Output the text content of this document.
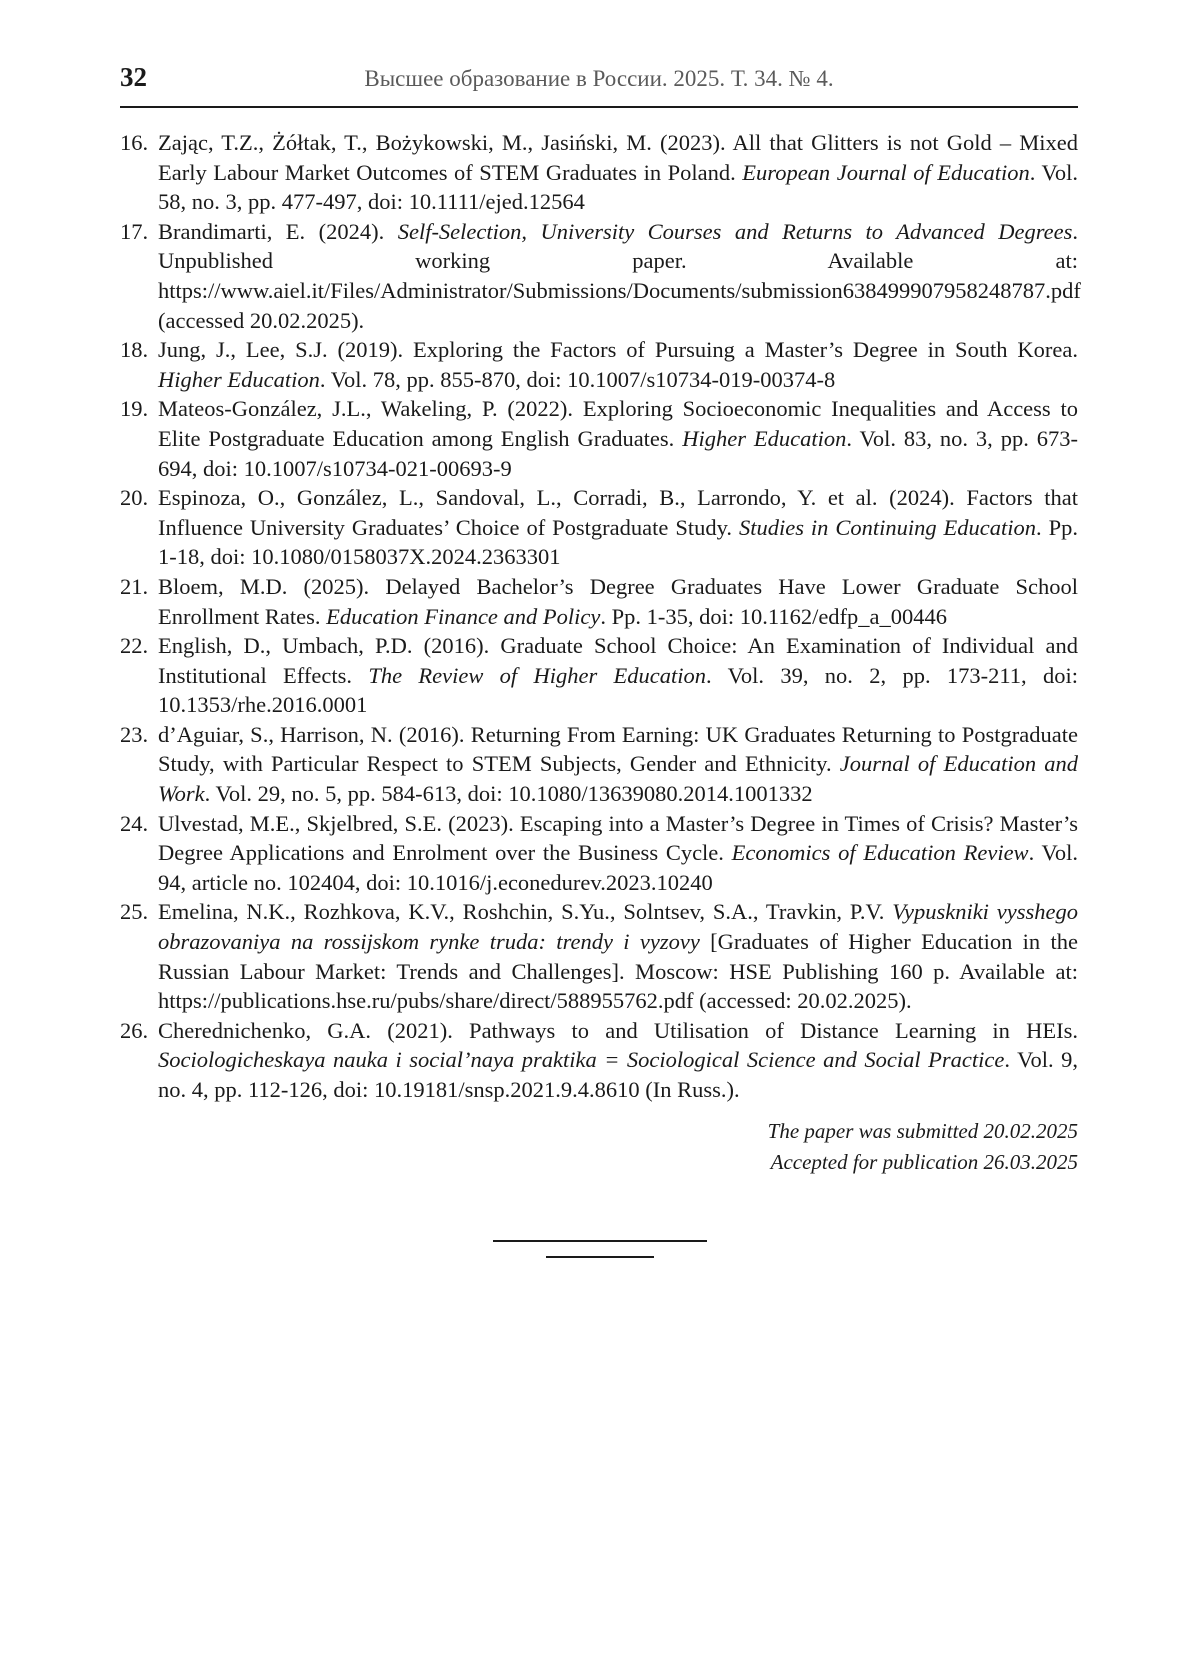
32	Высшее образование в России. 2025. Т. 34. № 4.
16. Zając, T.Z., Żółtak, T., Bożykowski, M., Jasiński, M. (2023). All that Glitters is not Gold – Mixed Early Labour Market Outcomes of STEM Graduates in Poland. European Journal of Education. Vol. 58, no. 3, pp. 477-497, doi: 10.1111/ejed.12564
17. Brandimarti, E. (2024). Self-Selection, University Courses and Returns to Advanced Degrees. Unpublished working paper. Available at: https://www.aiel.it/Files/Administrator/Submissions/Documents/submission638499907958248787.pdf (accessed 20.02.2025).
18. Jung, J., Lee, S.J. (2019). Exploring the Factors of Pursuing a Master’s Degree in South Korea. Higher Education. Vol. 78, pp. 855-870, doi: 10.1007/s10734-019-00374-8
19. Mateos-González, J.L., Wakeling, P. (2022). Exploring Socioeconomic Inequalities and Access to Elite Postgraduate Education among English Graduates. Higher Education. Vol. 83, no. 3, pp. 673-694, doi: 10.1007/s10734-021-00693-9
20. Espinoza, O., González, L., Sandoval, L., Corradi, B., Larrondo, Y. et al. (2024). Factors that Influence University Graduates’ Choice of Postgraduate Study. Studies in Continuing Education. Pp. 1-18, doi: 10.1080/0158037X.2024.2363301
21. Bloem, M.D. (2025). Delayed Bachelor’s Degree Graduates Have Lower Graduate School Enrollment Rates. Education Finance and Policy. Pp. 1-35, doi: 10.1162/edfp_a_00446
22. English, D., Umbach, P.D. (2016). Graduate School Choice: An Examination of Individual and Institutional Effects. The Review of Higher Education. Vol. 39, no. 2, pp. 173-211, doi: 10.1353/rhe.2016.0001
23. d’Aguiar, S., Harrison, N. (2016). Returning From Earning: UK Graduates Returning to Postgraduate Study, with Particular Respect to STEM Subjects, Gender and Ethnicity. Journal of Education and Work. Vol. 29, no. 5, pp. 584-613, doi: 10.1080/13639080.2014.1001332
24. Ulvestad, M.E., Skjelbred, S.E. (2023). Escaping into a Master’s Degree in Times of Crisis? Master’s Degree Applications and Enrolment over the Business Cycle. Economics of Education Review. Vol. 94, article no. 102404, doi: 10.1016/j.econedurev.2023.10240
25. Emelina, N.K., Rozhkova, K.V., Roshchin, S.Yu., Solntsev, S.A., Travkin, P.V. Vypuskniki vysshego obrazovaniya na rossijskom rynke truda: trendy i vyzovy [Graduates of Higher Education in the Russian Labour Market: Trends and Challenges]. Moscow: HSE Publishing 160 p. Available at: https://publications.hse.ru/pubs/share/direct/588955762.pdf (accessed: 20.02.2025).
26. Cherednichenko, G.A. (2021). Pathways to and Utilisation of Distance Learning in HEIs. Sociologicheskaya nauka i social’naya praktika = Sociological Science and Social Practice. Vol. 9, no. 4, pp. 112-126, doi: 10.19181/snsp.2021.9.4.8610 (In Russ.).
The paper was submitted 20.02.2025
Accepted for publication 26.03.2025
